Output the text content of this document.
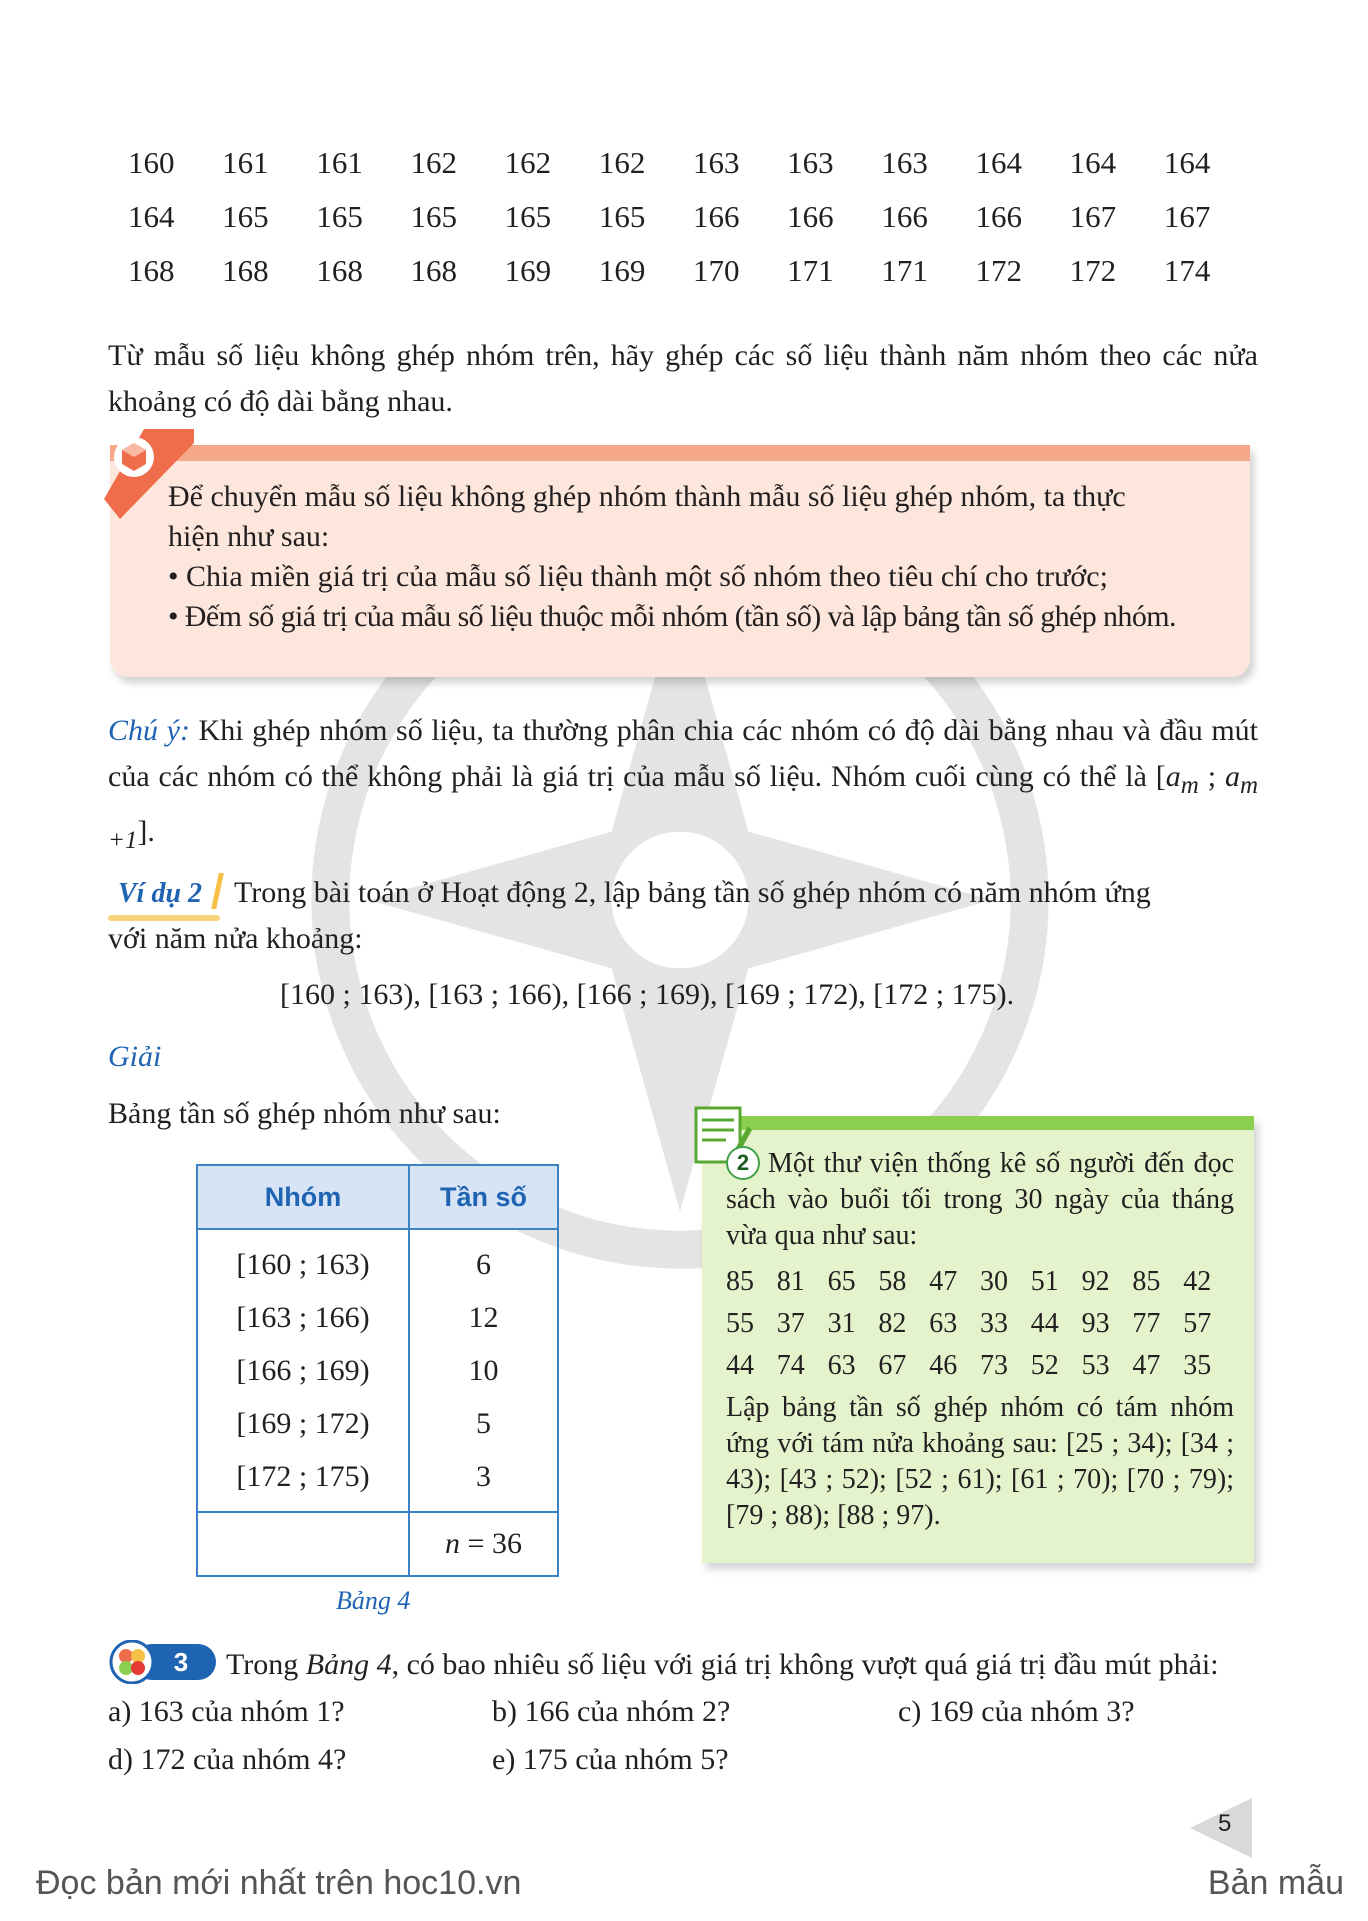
160	161	161	162	162	162	163	163	163	164	164	164
164	165	165	165	165	165	166	166	166	166	167	167
168	168	168	168	169	169	170	171	171	172	172	174
Từ mẫu số liệu không ghép nhóm trên, hãy ghép các số liệu thành năm nhóm theo các nửa khoảng có độ dài bằng nhau.
Để chuyển mẫu số liệu không ghép nhóm thành mẫu số liệu ghép nhóm, ta thực
hiện như sau:
• Chia miền giá trị của mẫu số liệu thành một số nhóm theo tiêu chí cho trước;
• Đếm số giá trị của mẫu số liệu thuộc mỗi nhóm (tần số) và lập bảng tần số ghép nhóm.
Chú ý: Khi ghép nhóm số liệu, ta thường phân chia các nhóm có độ dài bằng nhau và đầu mút của các nhóm có thể không phải là giá trị của mẫu số liệu. Nhóm cuối cùng có thể là [$a_m$ ; $a_{m +1}$].
Ví dụ 2 Trong bài toán ở Hoạt động 2, lập bảng tần số ghép nhóm có năm nhóm ứng
với năm nửa khoảng:
[160 ; 163), [163 ; 166), [166 ; 169), [169 ; 172), [172 ; 175).
Giải
Bảng tần số ghép nhóm như sau:
Nhóm	Tần số
[160 ; 163)	6
[163 ; 166)	12
[166 ; 169)	10
[169 ; 172)	5
[172 ; 175)	3
	n = 36
Bảng 4
2 Một thư viện thống kê số người đến đọc sách vào buổi tối trong 30 ngày của tháng vừa qua như sau:
85 81 65 58 47 30 51 92 85 42
55 37 31 82 63 33 44 93 77 57
44 74 63 67 46 73 52 53 47 35
Lập bảng tần số ghép nhóm có tám nhóm ứng với tám nửa khoảng sau: [25 ; 34); [34 ; 43); [43 ; 52); [52 ; 61); [61 ; 70); [70 ; 79); [79 ; 88); [88 ; 97).
3 Trong Bảng 4, có bao nhiêu số liệu với giá trị không vượt quá giá trị đầu mút phải:
a) 163 của nhóm 1?	b) 166 của nhóm 2?	c) 169 của nhóm 3?
d) 172 của nhóm 4?	e) 175 của nhóm 5?
5
Đọc bản mới nhất trên hoc10.vn	Bản mẫu
